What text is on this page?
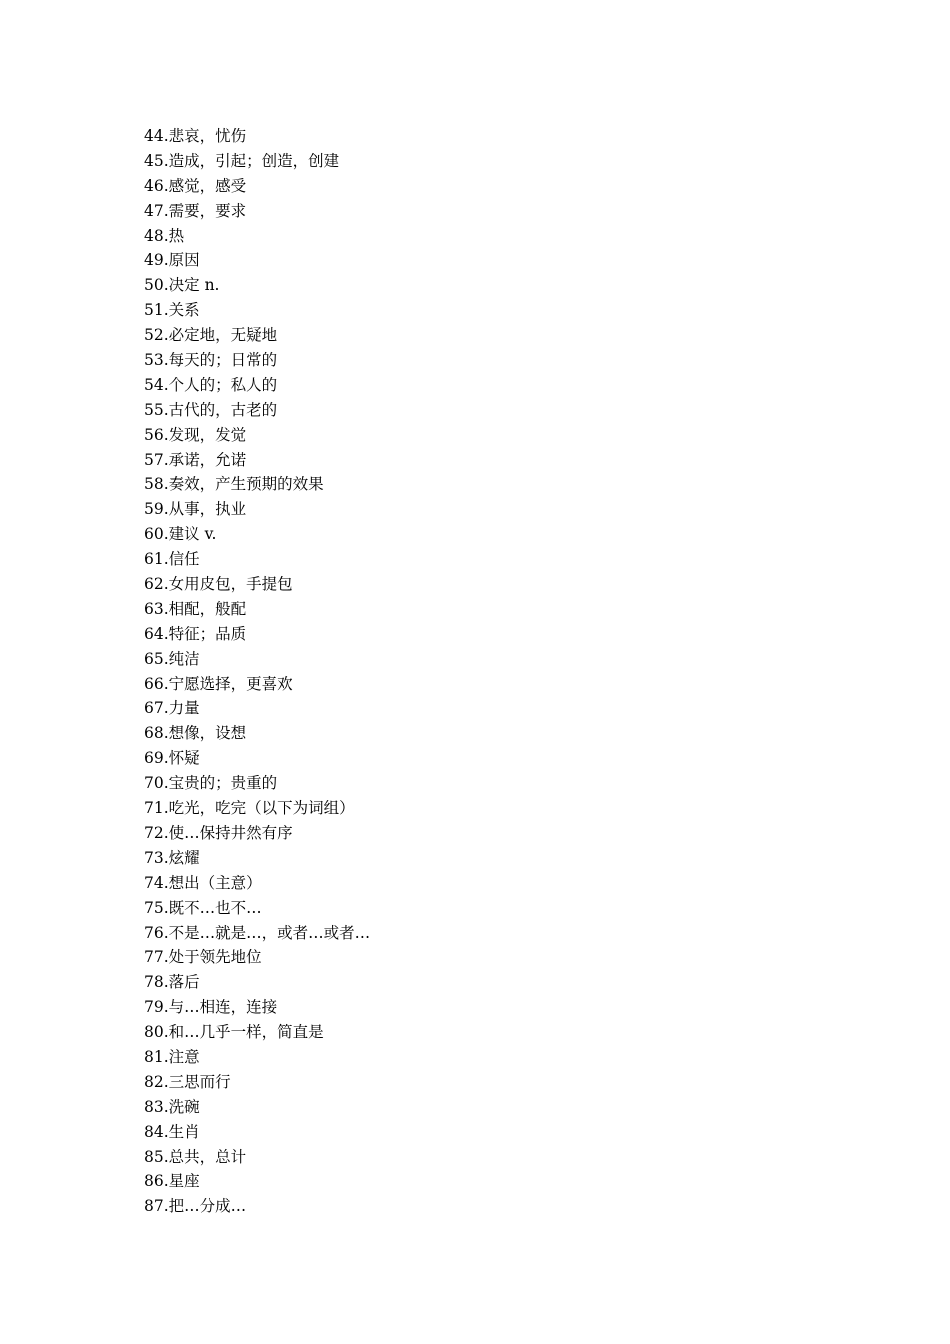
44.悲哀，忧伤
45.造成，引起；创造，创建
46.感觉，感受
47.需要，要求
48.热
49.原因
50.决定 n.
51.关系
52.必定地，无疑地
53.每天的；日常的
54.个人的；私人的
55.古代的，古老的
56.发现，发觉
57.承诺，允诺
58.奏效，产生预期的效果
59.从事，执业
60.建议 v.
61.信任
62.女用皮包，手提包
63.相配，般配
64.特征；品质
65.纯洁
66.宁愿选择，更喜欢
67.力量
68.想像，设想
69.怀疑
70.宝贵的；贵重的
71.吃光，吃完（以下为词组）
72.使…保持井然有序
73.炫耀
74.想出（主意）
75.既不…也不…
76.不是…就是…，或者…或者…
77.处于领先地位
78.落后
79.与…相连，连接
80.和…几乎一样，简直是
81.注意
82.三思而行
83.洗碗
84.生肖
85.总共，总计
86.星座
87.把…分成…
